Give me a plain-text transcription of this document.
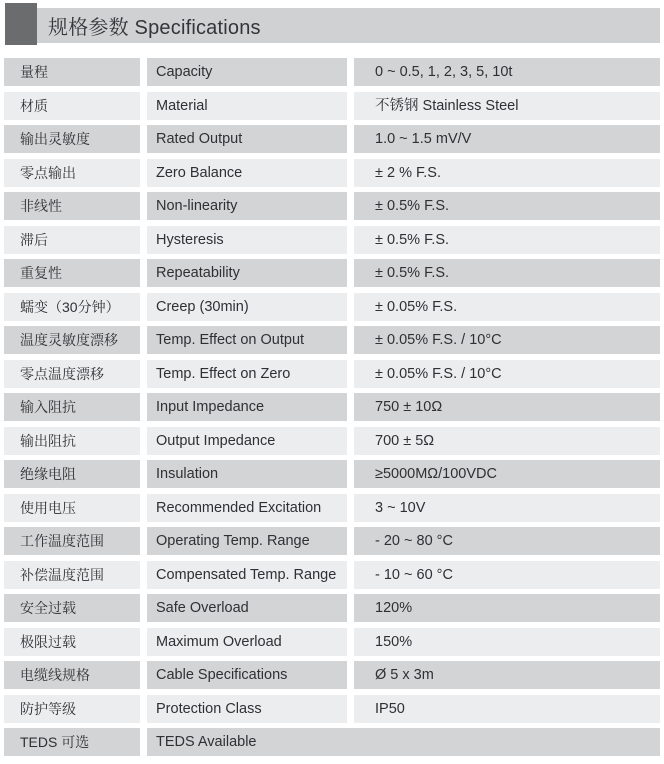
规格参数 Specifications
量程	Capacity	0 ~ 0.5, 1, 2, 3, 5, 10t
材质	Material	不锈钢 Stainless Steel
输出灵敏度	Rated Output	1.0 ~ 1.5 mV/V
零点输出	Zero Balance	± 2 % F.S.
非线性	Non-linearity	± 0.5% F.S.
滞后	Hysteresis	± 0.5% F.S.
重复性	Repeatability	± 0.5% F.S.
蠕变（30分钟）	Creep (30min)	± 0.05% F.S.
温度灵敏度漂移	Temp. Effect on Output	± 0.05% F.S. / 10°C
零点温度漂移	Temp. Effect on Zero	± 0.05% F.S. / 10°C
输入阻抗	Input Impedance	750 ± 10Ω
输出阻抗	Output Impedance	700 ± 5Ω
绝缘电阻	Insulation	≥5000MΩ/100VDC
使用电压	Recommended Excitation	3 ~ 10V
工作温度范围	Operating Temp. Range	- 20 ~ 80 °C
补偿温度范围	Compensated Temp. Range	- 10 ~ 60 °C
安全过载	Safe Overload	120%
极限过载	Maximum Overload	150%
电缆线规格	Cable Specifications	Ø 5 x 3m
防护等级	Protection Class	IP50
TEDS 可选	TEDS Available
